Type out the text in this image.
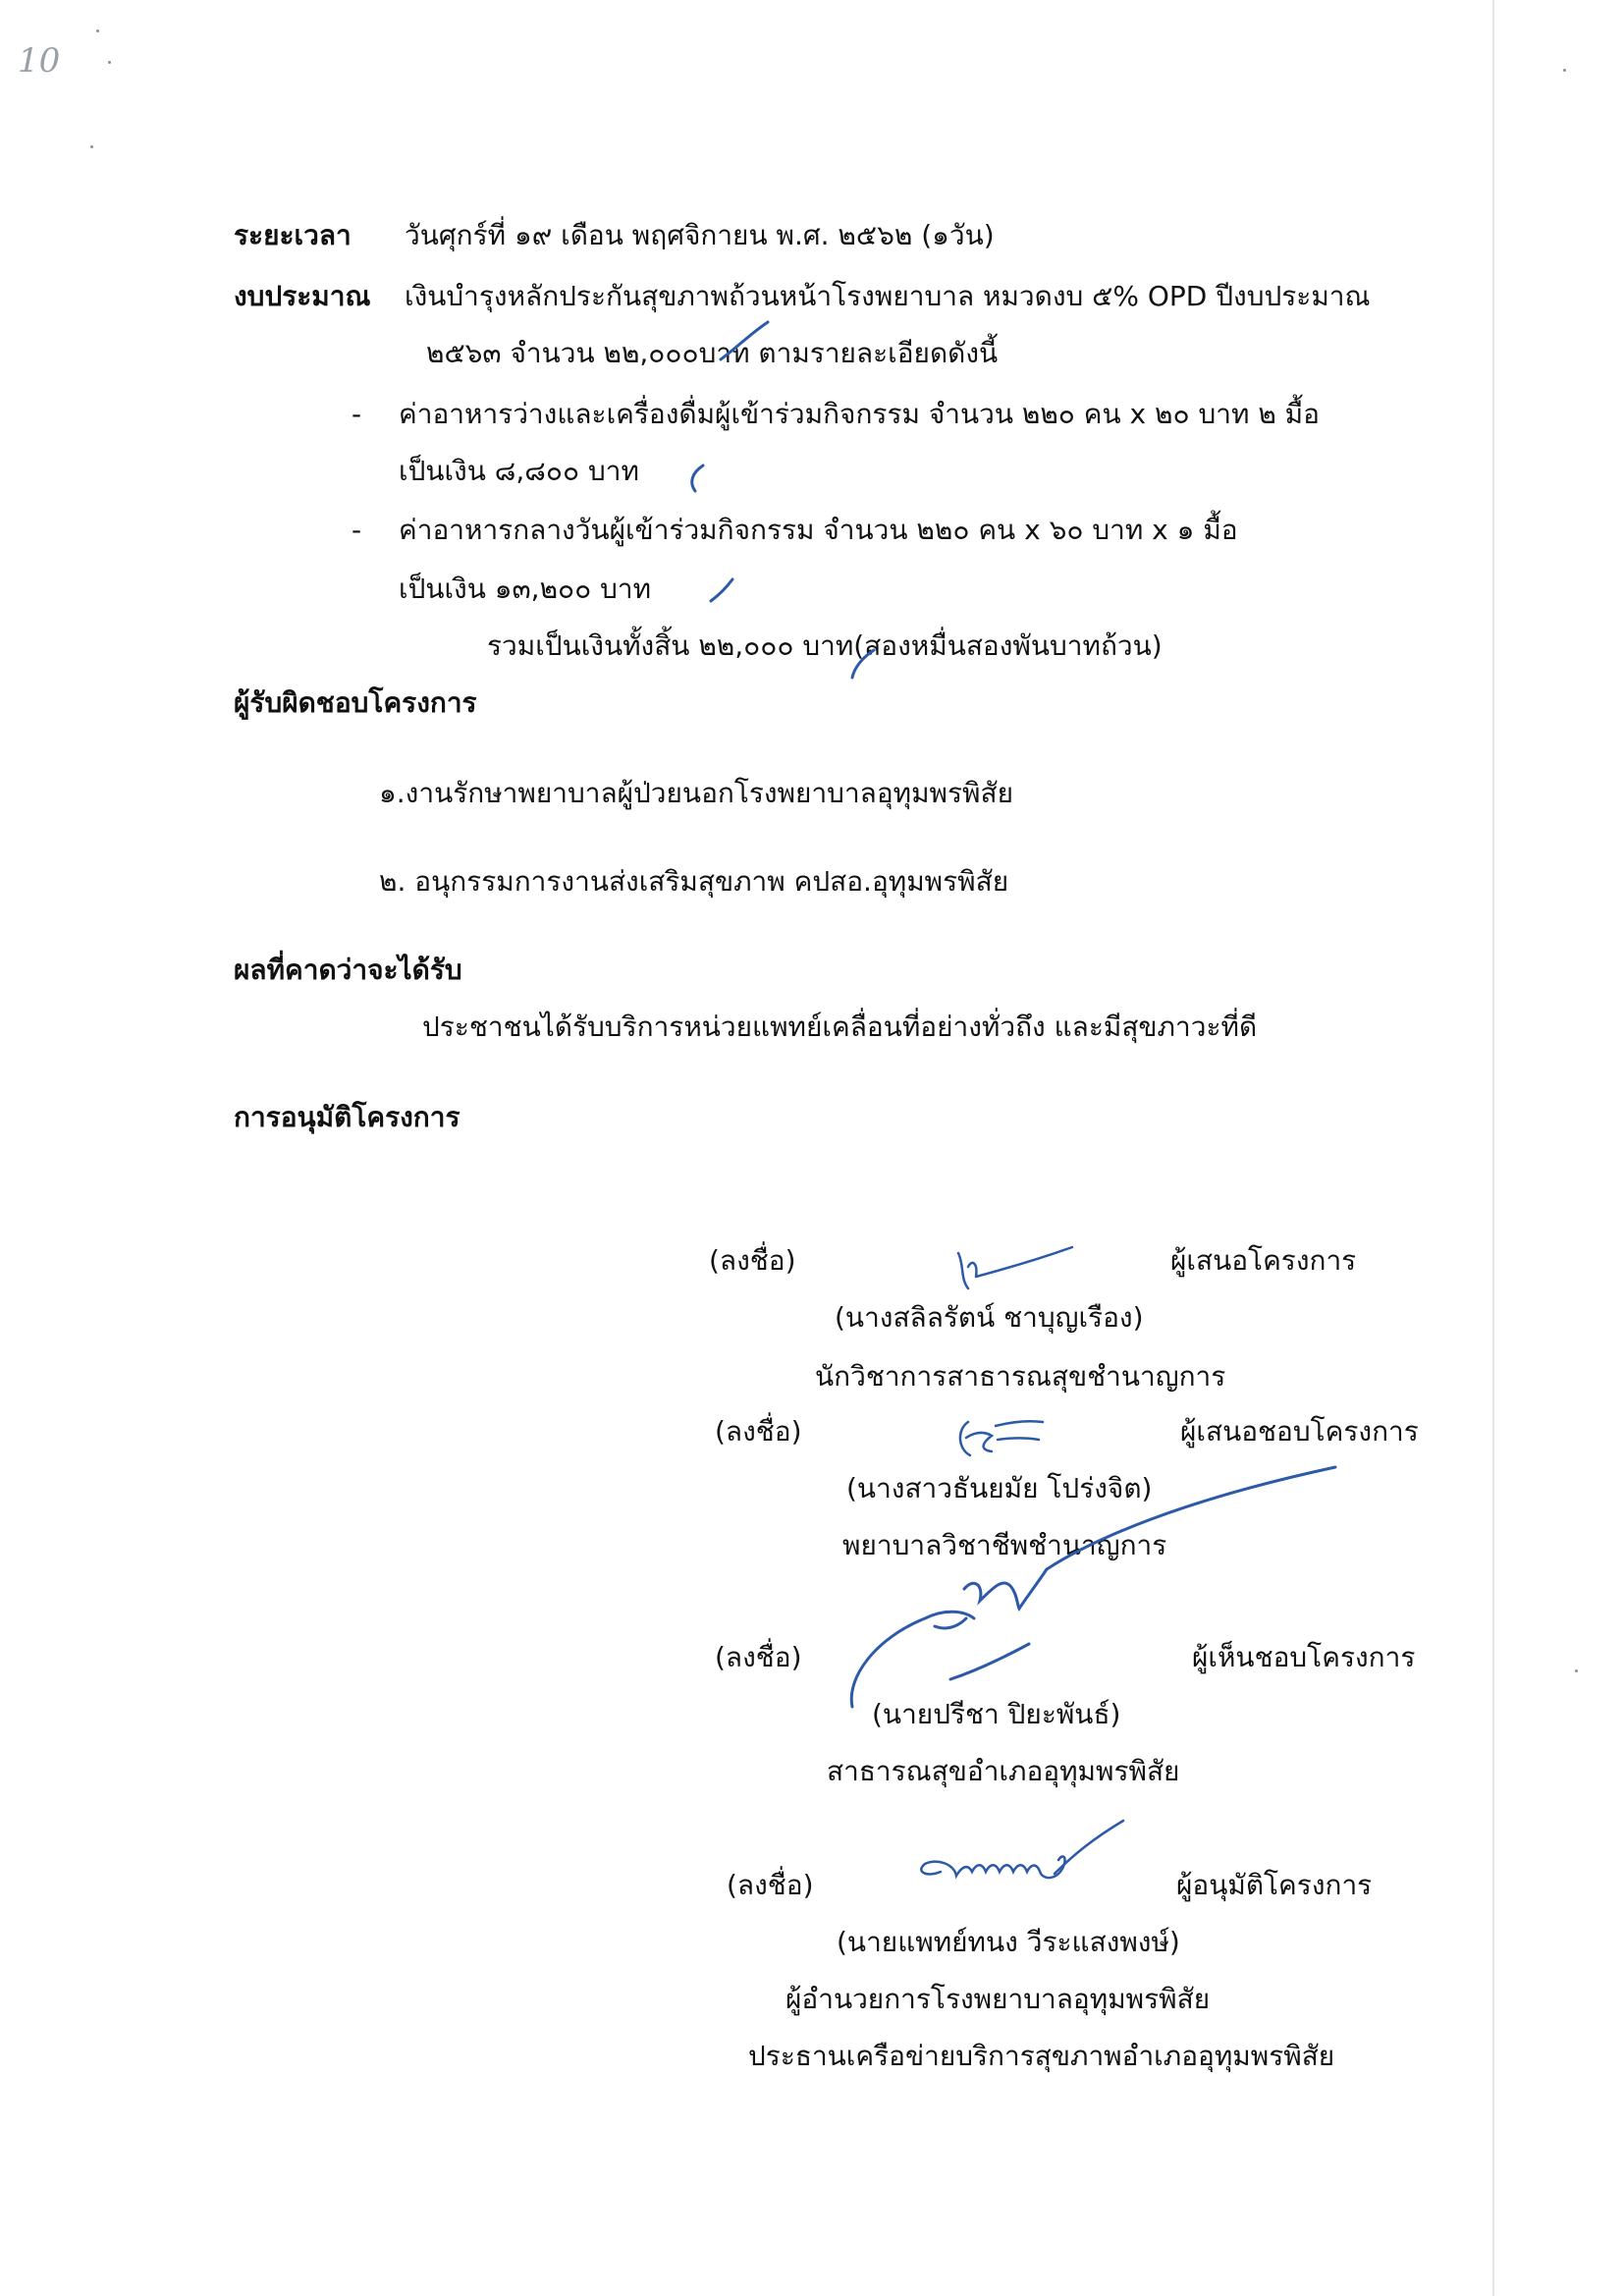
10
ระยะเวลา วันศุกร์ที่ ๑๙ เดือน พฤศจิกายน พ.ศ. ๒๕๖๒ (๑วัน)
งบประมาณ เงินบำรุงหลักประกันสุขภาพถ้วนหน้าโรงพยาบาล หมวดงบ ๕% OPD ปีงบประมาณ
๒๕๖๓ จำนวน ๒๒,๐๐๐บาท ตามรายละเอียดดังนี้
- ค่าอาหารว่างและเครื่องดื่มผู้เข้าร่วมกิจกรรม จำนวน ๒๒๐ คน x ๒๐ บาท ๒ มื้อ
เป็นเงิน ๘,๘๐๐ บาท
- ค่าอาหารกลางวันผู้เข้าร่วมกิจกรรม จำนวน ๒๒๐ คน x ๖๐ บาท x ๑ มื้อ
เป็นเงิน ๑๓,๒๐๐ บาท
รวมเป็นเงินทั้งสิ้น ๒๒,๐๐๐ บาท(สองหมื่นสองพันบาทถ้วน)
ผู้รับผิดชอบโครงการ
๑.งานรักษาพยาบาลผู้ป่วยนอกโรงพยาบาลอุทุมพรพิสัย
๒. อนุกรรมการงานส่งเสริมสุขภาพ คปสอ.อุทุมพรพิสัย
ผลที่คาดว่าจะได้รับ
ประชาชนได้รับบริการหน่วยแพทย์เคลื่อนที่อย่างทั่วถึง และมีสุขภาวะที่ดี
การอนุมัติโครงการ
(ลงชื่อ)	ผู้เสนอโครงการ
(นางสลิลรัตน์ ชาบุญเรือง)
นักวิชาการสาธารณสุขชำนาญการ
(ลงชื่อ)	ผู้เสนอชอบโครงการ
(นางสาวธันยมัย โปร่งจิต)
พยาบาลวิชาชีพชำนาญการ
(ลงชื่อ)	ผู้เห็นชอบโครงการ
(นายปรีชา ปิยะพันธ์)
สาธารณสุขอำเภออุทุมพรพิสัย
(ลงชื่อ)	ผู้อนุมัติโครงการ
(นายแพทย์ทนง วีระแสงพงษ์)
ผู้อำนวยการโรงพยาบาลอุทุมพรพิสัย
ประธานเครือข่ายบริการสุขภาพอำเภออุทุมพรพิสัย
